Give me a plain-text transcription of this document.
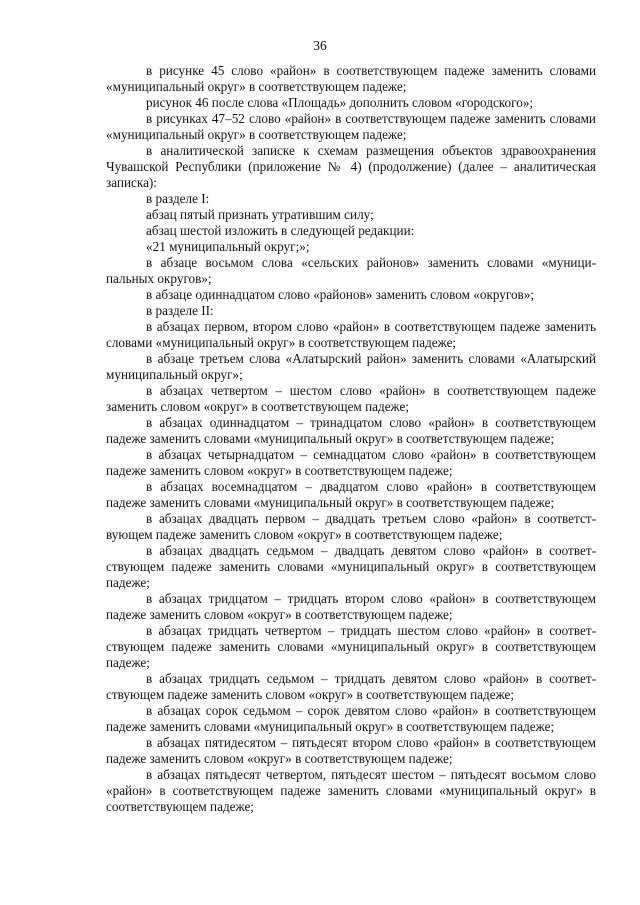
36

в рисунке 45 слово «район» в соответствующем падеже заменить словами «муниципальный округ» в соответствующем падеже;

рисунок 46 после слова «Площадь» дополнить словом «городского»;

в рисунках 47–52 слово «район» в соответствующем падеже заменить словами «муниципальный округ» в соответствующем падеже;

в аналитической записке к схемам размещения объектов здравоохранения Чувашской Республики (приложение № 4) (продолжение) (далее – аналитическая записка):

в разделе I:

абзац пятый признать утратившим силу;

абзац шестой изложить в следующей редакции:

«21 муниципальный округ;»;

в абзаце восьмом слова «сельских районов» заменить словами «муниципальных округов»;

в абзаце одиннадцатом слово «районов» заменить словом «округов»;

в разделе II:

в абзацах первом, втором слово «район» в соответствующем падеже заменить словами «муниципальный округ» в соответствующем падеже;

в абзаце третьем слова «Алатырский район» заменить словами «Алатырский муниципальный округ»;

в абзацах четвертом – шестом слово «район» в соответствующем падеже заменить словом «округ» в соответствующем падеже;

в абзацах одиннадцатом – тринадцатом слово «район» в соответствующем падеже заменить словами «муниципальный округ» в соответствующем падеже;

в абзацах четырнадцатом – семнадцатом слово «район» в соответствующем падеже заменить словом «округ» в соответствующем падеже;

в абзацах восемнадцатом – двадцатом слово «район» в соответствующем падеже заменить словами «муниципальный округ» в соответствующем падеже;

в абзацах двадцать первом – двадцать третьем слово «район» в соответствующем падеже заменить словом «округ» в соответствующем падеже;

в абзацах двадцать седьмом – двадцать девятом слово «район» в соответствующем падеже заменить словами «муниципальный округ» в соответствующем падеже;

в абзацах тридцатом – тридцать втором слово «район» в соответствующем падеже заменить словом «округ» в соответствующем падеже;

в абзацах тридцать четвертом – тридцать шестом слово «район» в соответствующем падеже заменить словами «муниципальный округ» в соответствующем падеже;

в абзацах тридцать седьмом – тридцать девятом слово «район» в соответствующем падеже заменить словом «округ» в соответствующем падеже;

в абзацах сорок седьмом – сорок девятом слово «район» в соответствующем падеже заменить словами «муниципальный округ» в соответствующем падеже;

в абзацах пятидесятом – пятьдесят втором слово «район» в соответствующем падеже заменить словом «округ» в соответствующем падеже;

в абзацах пятьдесят четвертом, пятьдесят шестом – пятьдесят восьмом слово «район» в соответствующем падеже заменить словами «муниципальный округ» в соответствующем падеже;
